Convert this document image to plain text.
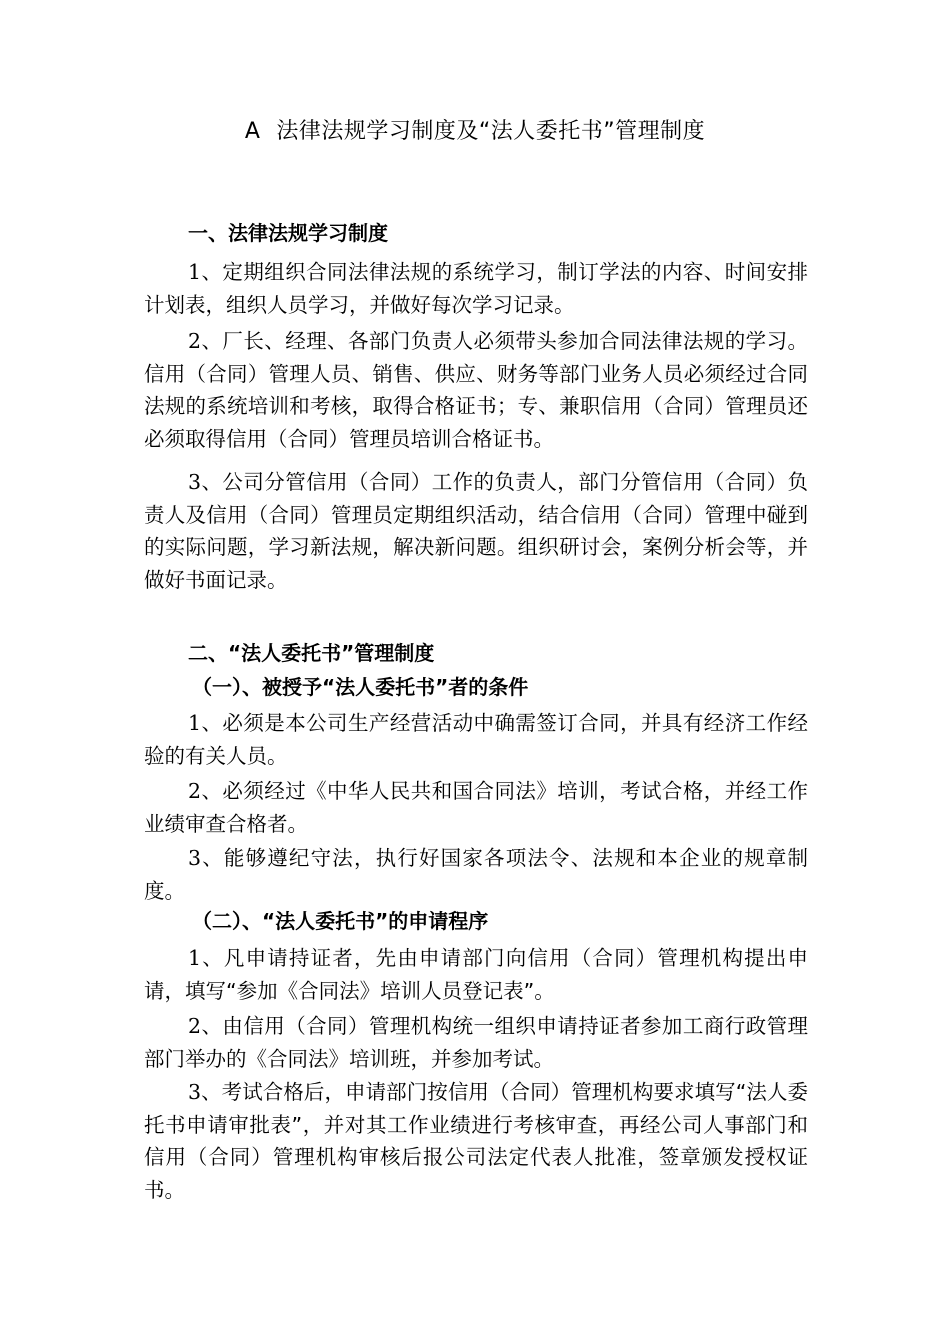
A 法律法规学习制度及“法人委托书”管理制度
一、法律法规学习制度

1、定期组织合同法律法规的系统学习，制订学法的内容、时间安排计划表，组织人员学习，并做好每次学习记录。

2、厂长、经理、各部门负责人必须带头参加合同法律法规的学习。信用（合同）管理人员、销售、供应、财务等部门业务人员必须经过合同法规的系统培训和考核，取得合格证书；专、兼职信用（合同）管理员还必须取得信用（合同）管理员培训合格证书。

3、公司分管信用（合同）工作的负责人，部门分管信用（合同）负责人及信用（合同）管理员定期组织活动，结合信用（合同）管理中碰到的实际问题，学习新法规，解决新问题。组织研讨会，案例分析会等，并做好书面记录。

二、“法人委托书”管理制度
（一）、被授予“法人委托书”者的条件

1、必须是本公司生产经营活动中确需签订合同，并具有经济工作经验的有关人员。

2、必须经过《中华人民共和国合同法》培训，考试合格，并经工作业绩审查合格者。

3、能够遵纪守法，执行好国家各项法令、法规和本企业的规章制度。

（二）、“法人委托书”的申请程序

1、凡申请持证者，先由申请部门向信用（合同）管理机构提出申请，填写“参加《合同法》培训人员登记表”。

2、由信用（合同）管理机构统一组织申请持证者参加工商行政管理部门举办的《合同法》培训班，并参加考试。

3、考试合格后，申请部门按信用（合同）管理机构要求填写“法人委托书申请审批表”，并对其工作业绩进行考核审查，再经公司人事部门和信用（合同）管理机构审核后报公司法定代表人批准，签章颁发授权证书。
